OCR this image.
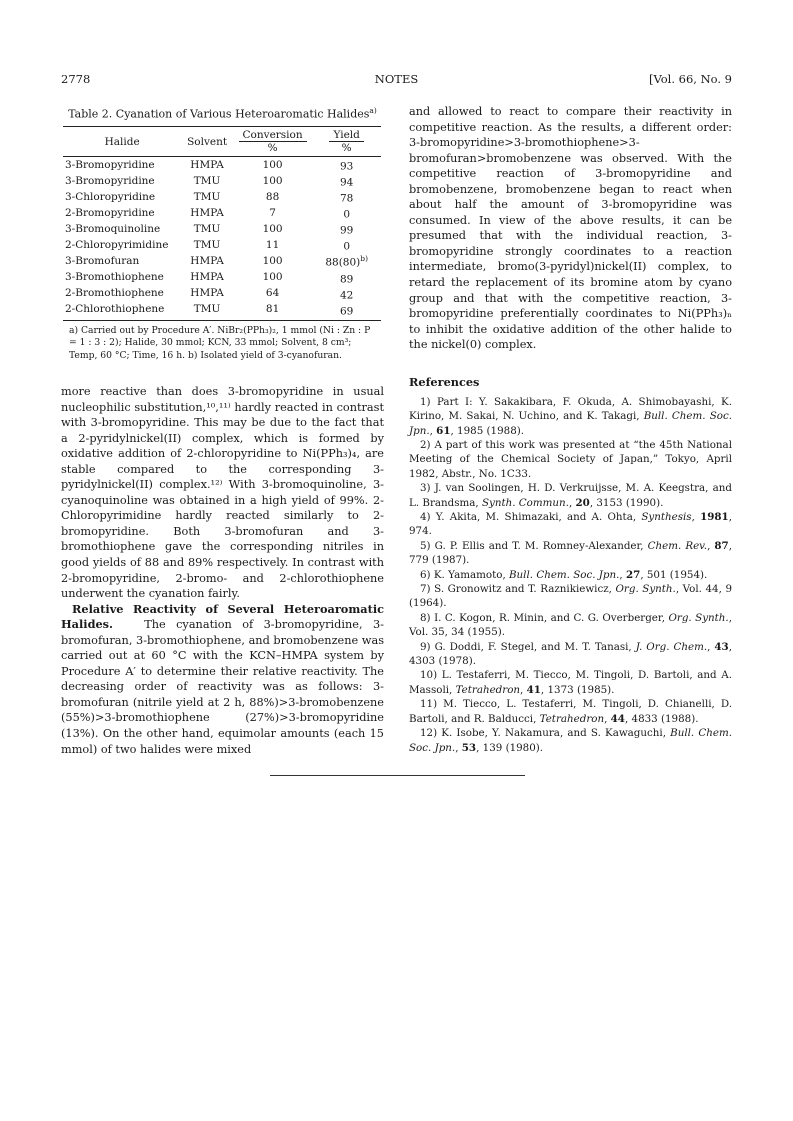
2778	NOTES	[Vol. 66, No. 9
Table 2. Cyanation of Various Heteroaromatic Halides$^{a)}$
Halide	Solvent	Conversion	Yield
		%	%
3-Bromopyridine	HMPA	100	93
3-Bromopyridine	TMU	100	94
3-Chloropyridine	TMU	88	78
2-Bromopyridine	HMPA	7	0
3-Bromoquinoline	TMU	100	99
2-Chloropyrimidine	TMU	11	0
3-Bromofuran	HMPA	100	$88(80)^{b)}$
3-Bromothiophene	HMPA	100	89
2-Bromothiophene	HMPA	64	42
2-Chlorothiophene	TMU	81	69
a) Carried out by Procedure A′. NiBr₂(PPh₃)₂, 1 mmol (Ni : Zn : P = 1 : 3 : 2); Halide, 30 mmol; KCN, 33 mmol; Solvent, 8 cm³; Temp, 60 °C; Time, 16 h. b) Isolated yield of 3-cyanofuran.

more reactive than does 3-bromopyridine in usual nucleophilic substitution,¹⁰,¹¹⁾ hardly reacted in contrast with 3-bromopyridine. This may be due to the fact that a 2-pyridylnickel(II) complex, which is formed by oxidative addition of 2-chloropyridine to Ni(PPh₃)₄, are stable compared to the corresponding 3-pyridylnickel(II) complex.¹²⁾ With 3-bromoquinoline, 3-cyanoquinoline was obtained in a high yield of 99%. 2-Chloropyrimidine hardly reacted similarly to 2-bromopyridine. Both 3-bromofuran and 3-bromothiophene gave the corresponding nitriles in good yields of 88 and 89% respectively. In contrast with 2-bromopyridine, 2-bromo- and 2-chlorothiophene underwent the cyanation fairly.

Relative Reactivity of Several Heteroaromatic Halides.	The cyanation of 3-bromopyridine, 3-bromofuran, 3-bromothiophene, and bromobenzene was carried out at 60 °C with the KCN–HMPA system by Procedure A′ to determine their relative reactivity. The decreasing order of reactivity was as follows: 3-bromofuran (nitrile yield at 2 h, 88%)>3-bromobenzene (55%)>3-bromothiophene (27%)>3-bromopyridine (13%). On the other hand, equimolar amounts (each 15 mmol) of two halides were mixed

and allowed to react to compare their reactivity in competitive reaction. As the results, a different order: 3-bromopyridine>3-bromothiophene>3-bromofuran>bromobenzene was observed. With the competitive reaction of 3-bromopyridine and bromobenzene, bromobenzene began to react when about half the amount of 3-bromopyridine was consumed. In view of the above results, it can be presumed that with the individual reaction, 3-bromopyridine strongly coordinates to a reaction intermediate, bromo(3-pyridyl)nickel(II) complex, to retard the replacement of its bromine atom by cyano group and that with the competitive reaction, 3-bromopyridine preferentially coordinates to Ni(PPh₃)ₙ to inhibit the oxidative addition of the other halide to the nickel(0) complex.

References
1) Part I: Y. Sakakibara, F. Okuda, A. Shimobayashi, K. Kirino, M. Sakai, N. Uchino, and K. Takagi, Bull. Chem. Soc. Jpn., 61, 1985 (1988).
2) A part of this work was presented at “the 45th National Meeting of the Chemical Society of Japan,” Tokyo, April 1982, Abstr., No. 1C33.
3) J. van Soolingen, H. D. Verkruijsse, M. A. Keegstra, and L. Brandsma, Synth. Commun., 20, 3153 (1990).
4) Y. Akita, M. Shimazaki, and A. Ohta, Synthesis, 1981, 974.
5) G. P. Ellis and T. M. Romney-Alexander, Chem. Rev., 87, 779 (1987).
6) K. Yamamoto, Bull. Chem. Soc. Jpn., 27, 501 (1954).
7) S. Gronowitz and T. Raznikiewicz, Org. Synth., Vol. 44, 9 (1964).
8) I. C. Kogon, R. Minin, and C. G. Overberger, Org. Synth., Vol. 35, 34 (1955).
9) G. Doddi, F. Stegel, and M. T. Tanasi, J. Org. Chem., 43, 4303 (1978).
10) L. Testaferri, M. Tiecco, M. Tingoli, D. Bartoli, and A. Massoli, Tetrahedron, 41, 1373 (1985).
11) M. Tiecco, L. Testaferri, M. Tingoli, D. Chianelli, D. Bartoli, and R. Balducci, Tetrahedron, 44, 4833 (1988).
12) K. Isobe, Y. Nakamura, and S. Kawaguchi, Bull. Chem. Soc. Jpn., 53, 139 (1980).
